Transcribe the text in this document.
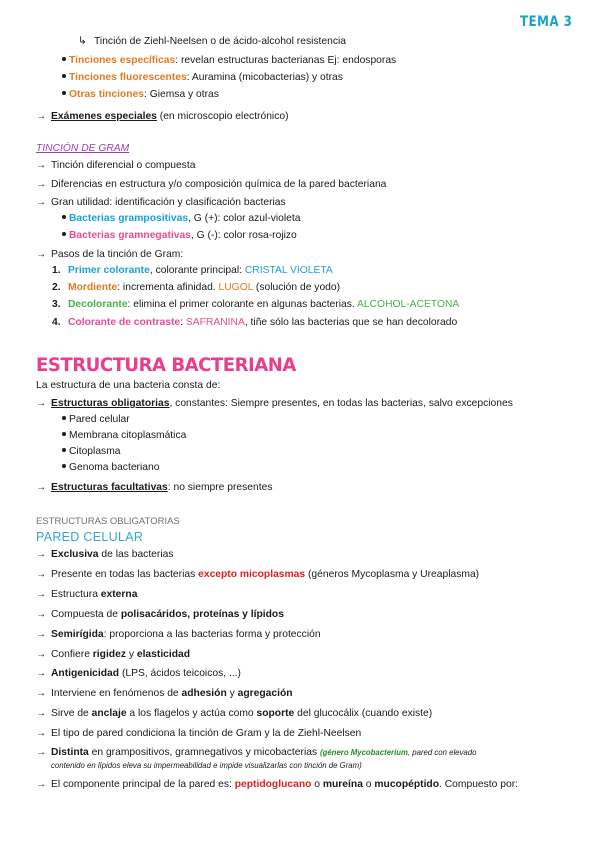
TEMA 3
↳ Tinción de Ziehl-Neelsen o de ácido-alcohol resistencia
Tinciones específicas: revelan estructuras bacterianas Ej: endosporas
Tinciones fluorescentes: Auramina (micobacterias) y otras
Otras tinciones: Giemsa y otras
→ Exámenes especiales (en microscopio electrónico)
TINCIÓN DE GRAM
→ Tinción diferencial o compuesta
→ Diferencias en estructura y/o composición química de la pared bacteriana
→ Gran utilidad: identificación y clasificación bacterias
Bacterias grampositivas, G (+): color azul-violeta
Bacterias gramnegativas, G (-): color rosa-rojizo
→ Pasos de la tinción de Gram:
1. Primer colorante, colorante principal: CRISTAL VIOLETA
2. Mordiente: incrementa afinidad. LUGOL (solución de yodo)
3. Decolorante: elimina el primer colorante en algunas bacterias. ALCOHOL-ACETONA
4. Colorante de contraste: SAFRANINA, tiñe sólo las bacterias que se han decolorado
ESTRUCTURA BACTERIANA
La estructura de una bacteria consta de:
→ Estructuras obligatorias, constantes: Siempre presentes, en todas las bacterias, salvo excepciones
Pared celular
Membrana citoplasmática
Citoplasma
Genoma bacteriano
→ Estructuras facultativas: no siempre presentes
ESTRUCTURAS OBLIGATORIAS
PARED CELULAR
→ Exclusiva de las bacterias
→ Presente en todas las bacterias excepto micoplasmas (géneros Mycoplasma y Ureaplasma)
→ Estructura externa
→ Compuesta de polisacáridos, proteínas y lípidos
→ Semirígida: proporciona a las bacterias forma y protección
→ Confiere rigidez y elasticidad
→ Antigenicidad (LPS, ácidos teicoicos, ...)
→ Interviene en fenómenos de adhesión y agregación
→ Sirve de anclaje a los flagelos y actúa como soporte del glucocálix (cuando existe)
→ El tipo de pared condiciona la tinción de Gram y la de Ziehl-Neelsen
→ Distinta en grampositivos, gramnegativos y micobacterias (género Mycobacterium, pared con elevado
contenido en lípidos eleva su impermeabilidad e impide visualizarlas con tinción de Gram)
→ El componente principal de la pared es: peptidoglucano o mureína o mucopéptido. Compuesto por:
